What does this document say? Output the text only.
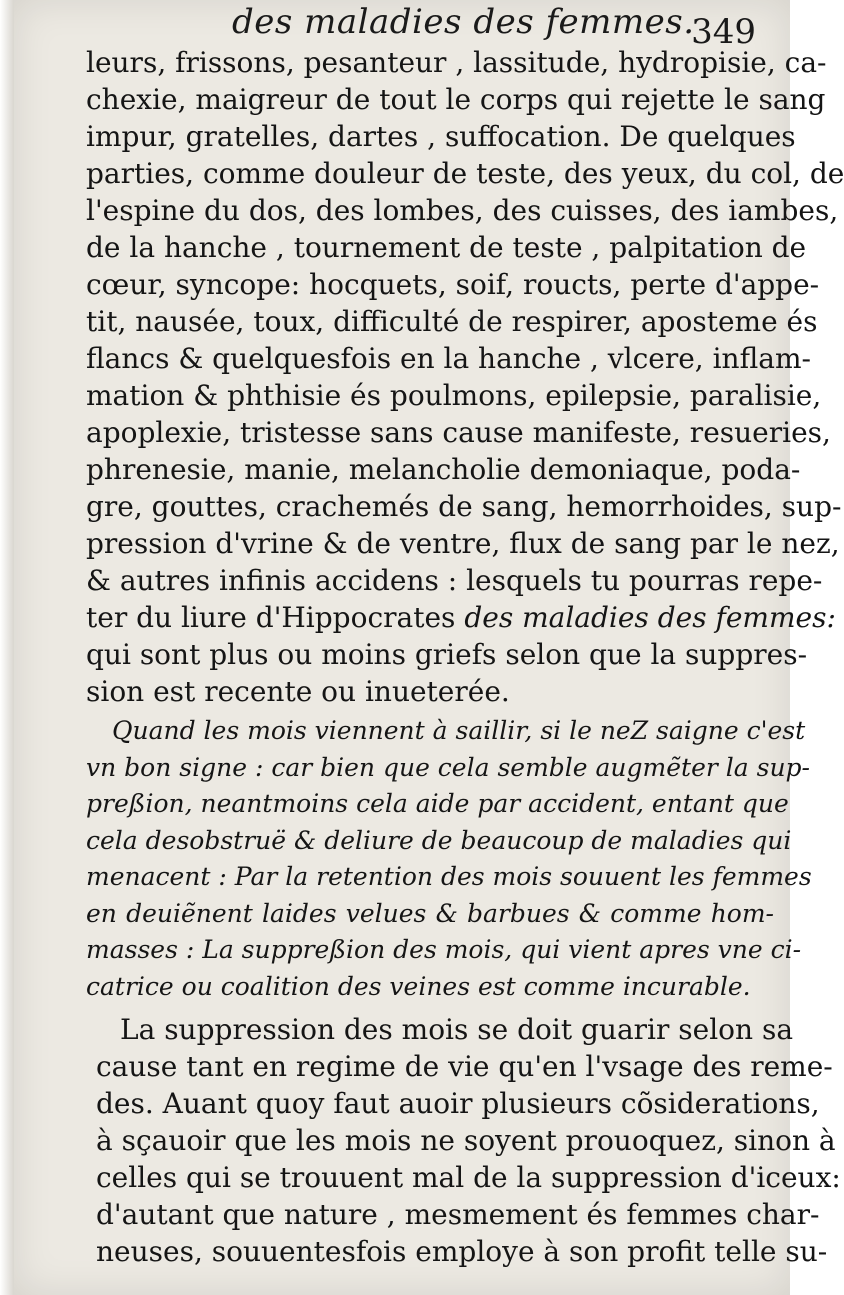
des maladies des femmes.
349
leurs, frissons, pesanteur , lassitude, hydropisie, ca-
chexie, maigreur de tout le corps qui rejette le sang
impur, gratelles, dartes , suffocation. De quelques
parties, comme douleur de teste, des yeux, du col, de
l'espine du dos, des lombes, des cuisses, des iambes,
de la hanche , tournement de teste , palpitation de
cœur, syncope: hocquets, soif, roucts, perte d'appe-
tit, nausée, toux, difficulté de respirer, aposteme és
flancs & quelquesfois en la hanche , vlcere, inflam-
mation & phthisie és poulmons, epilepsie, paralisie,
apoplexie, tristesse sans cause manifeste, resueries,
phrenesie, manie, melancholie demoniaque, poda-
gre, gouttes, crachemés de sang, hemorrhoides, sup-
pression d'vrine & de ventre, flux de sang par le nez,
& autres infinis accidens : lesquels tu pourras repe-
ter du liure d'Hippocrates des maladies des femmes:
qui sont plus ou moins griefs selon que la suppres-
sion est recente ou inueterée.
Quand les mois viennent à saillir, si le neZ saigne c'est
vn bon signe : car bien que cela semble augmẽter la sup-
preßion, neantmoins cela aide par accident, entant que
cela desobstruë & deliure de beaucoup de maladies qui
menacent : Par la retention des mois souuent les femmes
en deuiẽnent laides velues & barbues & comme hom-
masses : La suppreßion des mois, qui vient apres vne ci-
catrice ou coalition des veines est comme incurable.
La suppression des mois se doit guarir selon sa
cause tant en regime de vie qu'en l'vsage des reme-
des. Auant quoy faut auoir plusieurs cõsiderations,
à sçauoir que les mois ne soyent prouoquez, sinon à
celles qui se trouuent mal de la suppression d'iceux:
d'autant que nature , mesmement és femmes char-
neuses, souuentesfois employe à son profit telle su-
